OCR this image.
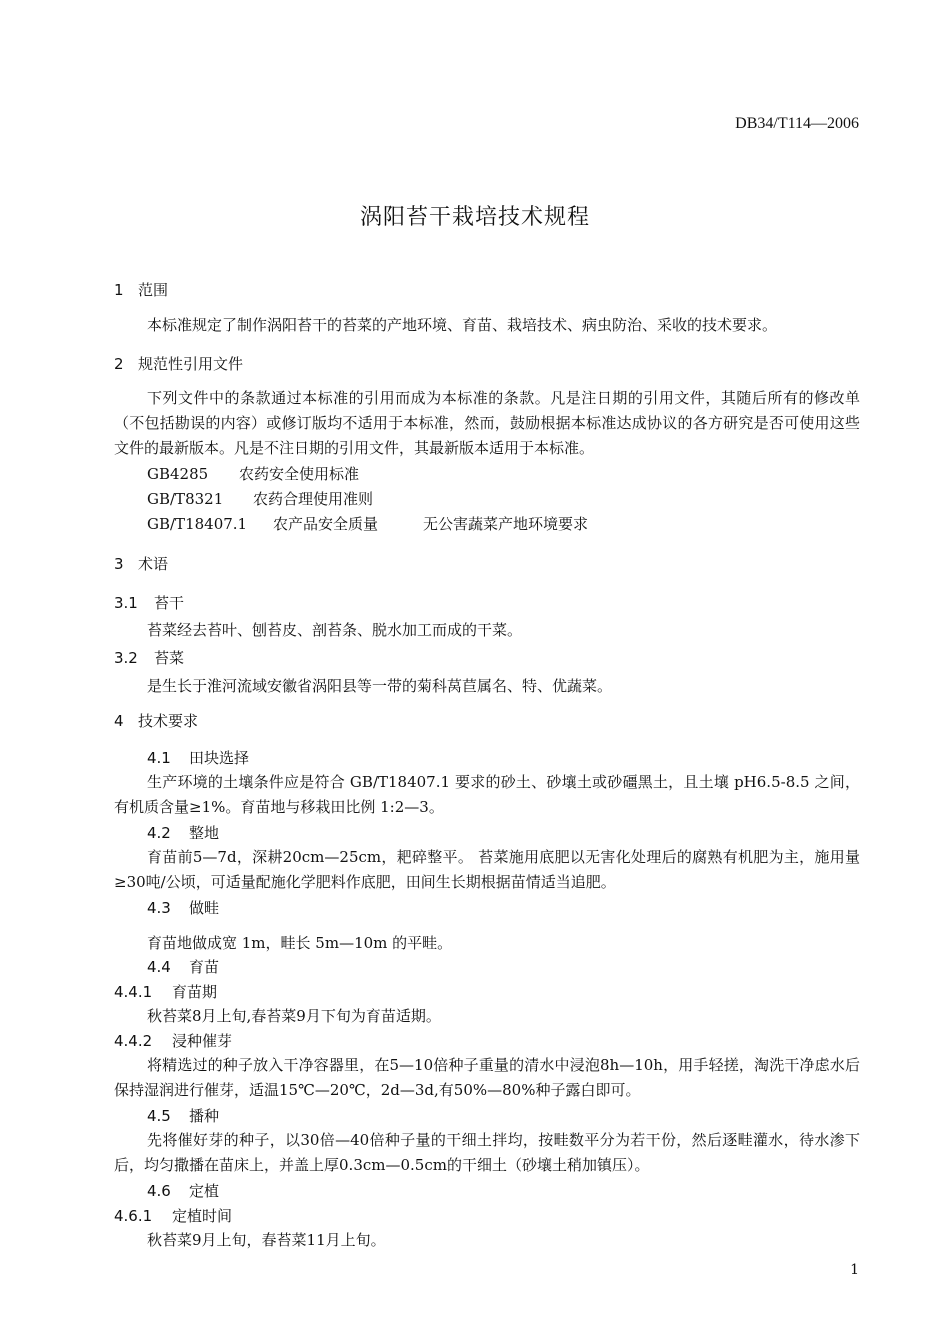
DB34/T114—2006
涡阳苔干栽培技术规程
1 范围
本标准规定了制作涡阳苔干的苔菜的产地环境、育苗、栽培技术、病虫防治、采收的技术要求。
2 规范性引用文件
下列文件中的条款通过本标准的引用而成为本标准的条款。凡是注日期的引用文件，其随后所有的修改单（不包括勘误的内容）或修订版均不适用于本标准，然而，鼓励根据本标准达成协议的各方研究是否可使用这些文件的最新版本。凡是不注日期的引用文件，其最新版本适用于本标准。
GB4285 农药安全使用标准
GB/T8321 农药合理使用准则
GB/T18407.1 农产品安全质量	无公害蔬菜产地环境要求
3 术语
3.1 苔干
苔菜经去苔叶、刨苔皮、剖苔条、脱水加工而成的干菜。
3.2 苔菜
是生长于淮河流域安徽省涡阳县等一带的菊科莴苣属名、特、优蔬菜。
4 技术要求
4.1 田块选择
生产环境的土壤条件应是符合 GB/T18407.1 要求的砂土、砂壤土或砂礓黑土，且土壤 pH6.5-8.5 之间，有机质含量≥1%。育苗地与移栽田比例 1:2—3。
4.2 整地
育苗前5—7d，深耕20cm—25cm，耙碎整平。 苔菜施用底肥以无害化处理后的腐熟有机肥为主，施用量≥30吨/公顷，可适量配施化学肥料作底肥，田间生长期根据苗情适当追肥。
4.3 做畦
育苗地做成宽 1m，畦长 5m—10m 的平畦。
4.4 育苗
4.4.1 育苗期
秋苔菜8月上旬,春苔菜9月下旬为育苗适期。
4.4.2 浸种催芽
将精选过的种子放入干净容器里，在5—10倍种子重量的清水中浸泡8h—10h，用手轻搓，淘洗干净虑水后保持湿润进行催芽，适温15℃—20℃，2d—3d,有50%—80%种子露白即可。
4.5 播种
先将催好芽的种子，以30倍—40倍种子量的干细土拌均，按畦数平分为若干份，然后逐畦灌水，待水渗下后，均匀撒播在苗床上，并盖上厚0.3cm—0.5cm的干细土（砂壤土稍加镇压）。
4.6 定植
4.6.1 定植时间
秋苔菜9月上旬，春苔菜11月上旬。
1
